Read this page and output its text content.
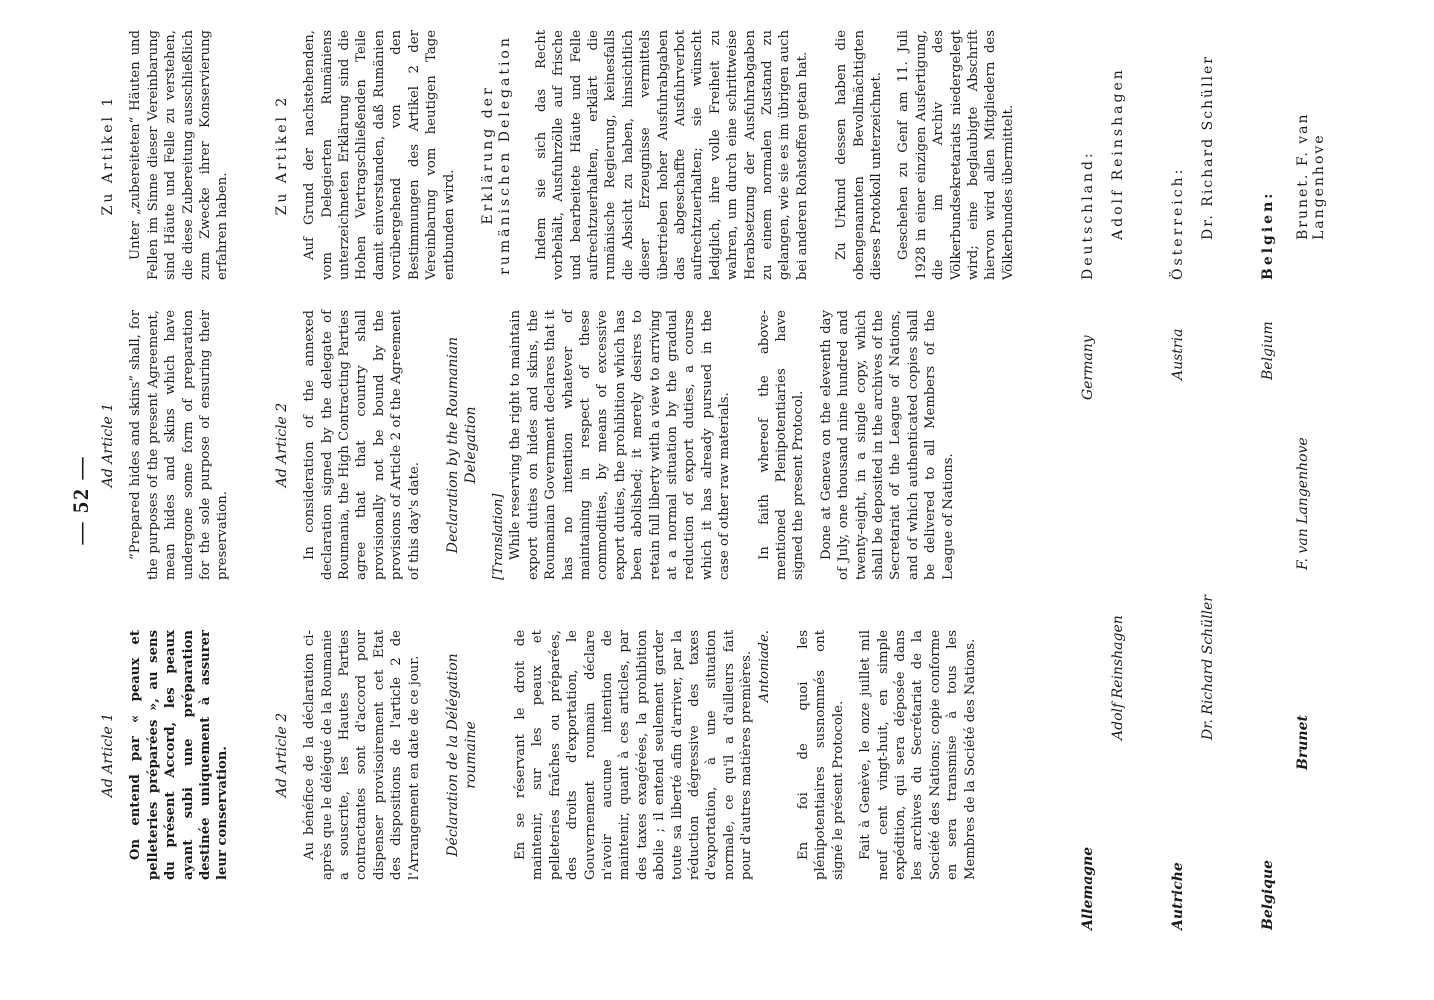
— 52 —
Ad Article 1 On entend par « peaux et pelleteries préparées », au sens du présent Accord, les peaux ayant subi une préparation destinée uniquement à assurer leur conservation.	Ad Article 2 Au bénéfice de la déclaration ci-après que le délégué de la Roumanie a souscrite, les Hautes Parties contractantes sont d'accord pour dispenser provisoirement cet Etat des dispositions de l'article 2 de l'Arrangement en date de ce jour. Déclaration de la Délégation roumaine	En se réservant le droit de maintenir, sur les peaux et pelleteries fraîches ou préparées, des droits d'exportation, le Gouvernement roumain déclare n'avoir aucune intention de maintenir, quant à ces articles, par des taxes exagérées, la prohibition abolie ; il entend seulement garder toute sa liberté afin d'arriver, par la réduction dégressive des taxes d'exportation, à une situation normale, ce qu'il a d'ailleurs fait pour d'autres matières premières. Antoniade. En foi de quoi les plénipotentiaires susnommés ont signé le présent Protocole. Fait à Genève, le onze juillet mil neuf cent vingt-huit, en simple expédition, qui sera déposée dans les archives du Secrétariat de la Société des Nations; copie conforme en sera transmise à tous les Membres de la Société des Nations.

Ad Article 1 “Prepared hides and skins” shall, for the purposes of the present Agreement, mean hides and skins which have undergone some form of preparation for the sole purpose of ensuring their preservation.

Ad Article 2 In consideration of the annexed declaration signed by the delegate of Roumania, the High Contracting Parties agree that that country shall provisionally not be bound by the provisions of Article 2 of the Agreement of this day's date. Declaration by the Roumanian Delegation
[Translation] While reserving the right to maintain export duties on hides and skins, the Roumanian Government declares that it has no intention whatever of maintaining in respect of these commodities, by means of excessive export duties, the prohibition which has been abolished; it merely desires to retain full liberty with a view to arriving at a normal situation by the gradual reduction of export duties, a course which it has already pursued in the case of other raw materials. In faith whereof the above-mentioned Plenipotentiaries have signed the present Protocol. Done at Geneva on the eleventh day of July, one thousand nine hundred and twenty-eight, in a single copy, which shall be deposited in the archives of the Secretariat of the League of Nations, and of which authenticated copies shall be delivered to all Members of the League of Nations.

Zu Artikel 1 Unter „zubereiteten“ Häuten und Fellen im Sinne dieser Vereinbarung sind Häute und Felle zu verstehen, die diese Zubereitung ausschließlich zum Zwecke ihrer Konservierung erfahren haben.

Zu Artikel 2 Auf Grund der nachstehenden, vom Delegierten Rumäniens unterzeichneten Erklärung sind die Hohen Vertragschließenden Teile damit einverstanden, daß Rumänien vorübergehend von den Bestimmungen des Artikel 2 der Vereinbarung vom heutigen Tage entbunden wird.

Erklärung der rumänischen Delegation Indem sie sich das Recht vorbehält, Ausfuhrzölle auf frische und bearbeitete Häute und Felle aufrechtzuerhalten, erklärt die rumänische Regierung, keinesfalls die Absicht zu haben, hinsichtlich dieser Erzeugnisse vermittels übertrieben hoher Ausfuhrabgaben das abgeschaffte Ausfuhrverbot aufrechtzuerhalten; sie wünscht lediglich, ihre volle Freiheit zu wahren, um durch eine schrittweise Herabsetzung der Ausfuhrabgaben zu einem normalen Zustand zu gelangen, wie sie es im übrigen auch bei anderen Rohstoffen getan hat. Zu Urkund dessen haben die obengenannten Bevollmächtigten dieses Protokoll unterzeichnet. Geschehen zu Genf am 11. Juli 1928 in einer einzigen Ausfertigung, die im Archiv des Völkerbundsekretariats niedergelegt wird; eine beglaubigte Abschrift hiervon wird allen Mitgliedern des Völkerbundes übermittelt.

Allemagne
Adolf Reinshagen
Germany
Deutschland: Adolf Reinshagen
Autriche
Dr. Richard Schüller
Austria
Österreich: Dr. Richard Schüller
Belgique
Brunet
F. van Langenhove
Belgium
Belgien: Brunet. F. van Langenhove
